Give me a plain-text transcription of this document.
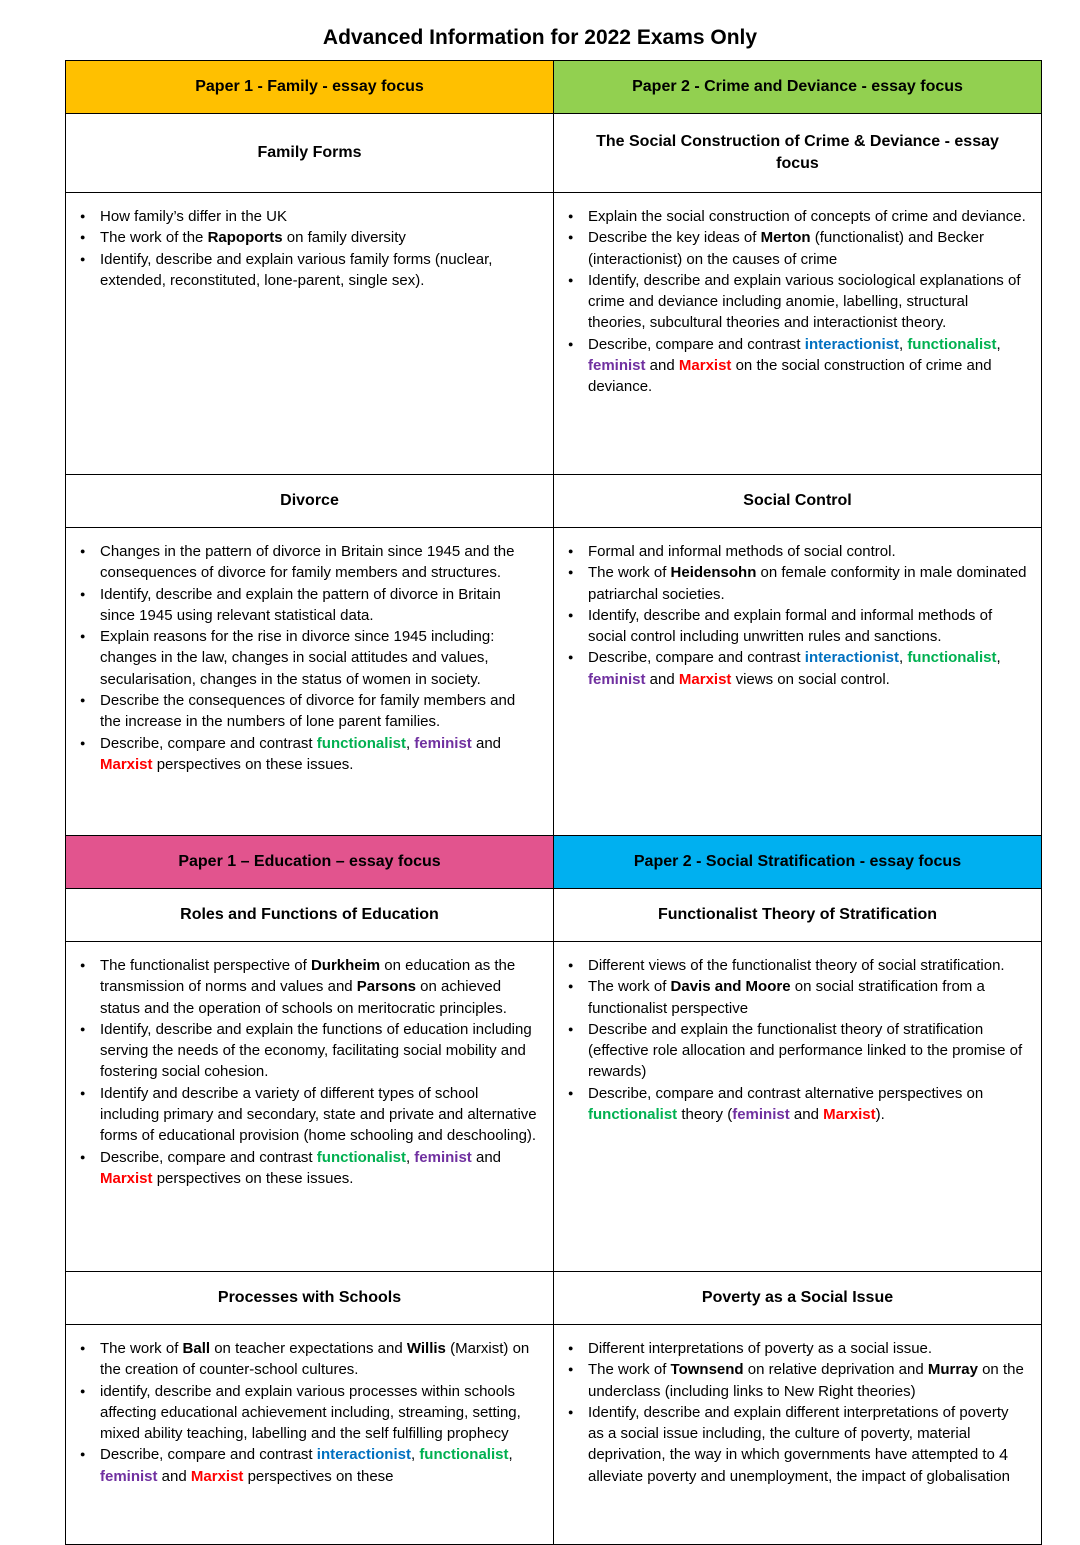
Advanced Information for 2022 Exams Only
Paper 1 - Family - essay focus	Paper 2 - Crime and Deviance - essay focus
Family Forms	The Social Construction of Crime & Deviance - essay focus

● How family’s differ in the UK
● The work of the Rapoports on family diversity
● Identify, describe and explain various family forms (nuclear, extended, reconstituted, lone-parent, single sex).

● Explain the social construction of concepts of crime and deviance.
● Describe the key ideas of Merton (functionalist) and Becker (interactionist) on the causes of crime
● Identify, describe and explain various sociological explanations of crime and deviance including anomie, labelling, structural theories, subcultural theories and interactionist theory.
● Describe, compare and contrast interactionist, functionalist, feminist and Marxist on the social construction of crime and deviance.

Divorce	Social Control

● Changes in the pattern of divorce in Britain since 1945 and the consequences of divorce for family members and structures.
● Identify, describe and explain the pattern of divorce in Britain since 1945 using relevant statistical data.
● Explain reasons for the rise in divorce since 1945 including: changes in the law, changes in social attitudes and values, secularisation, changes in the status of women in society.
● Describe the consequences of divorce for family members and the increase in the numbers of lone parent families.
● Describe, compare and contrast functionalist, feminist and Marxist perspectives on these issues.

● Formal and informal methods of social control.
● The work of Heidensohn on female conformity in male dominated patriarchal societies.
● Identify, describe and explain formal and informal methods of social control including unwritten rules and sanctions.
● Describe, compare and contrast interactionist, functionalist, feminist and Marxist views on social control.

Paper 1 – Education – essay focus	Paper 2 - Social Stratification - essay focus
Roles and Functions of Education	Functionalist Theory of Stratification

● The functionalist perspective of Durkheim on education as the transmission of norms and values and Parsons on achieved status and the operation of schools on meritocratic principles.
● Identify, describe and explain the functions of education including serving the needs of the economy, facilitating social mobility and fostering social cohesion.
● Identify and describe a variety of different types of school including primary and secondary, state and private and alternative forms of educational provision (home schooling and deschooling).
● Describe, compare and contrast functionalist, feminist and Marxist perspectives on these issues.

● Different views of the functionalist theory of social stratification.
● The work of Davis and Moore on social stratification from a functionalist perspective
● Describe and explain the functionalist theory of stratification (effective role allocation and performance linked to the promise of rewards)
● Describe, compare and contrast alternative perspectives on functionalist theory (feminist and Marxist).

Processes with Schools	Poverty as a Social Issue

● The work of Ball on teacher expectations and Willis (Marxist) on the creation of counter-school cultures.
● identify, describe and explain various processes within schools affecting educational achievement including, streaming, setting, mixed ability teaching, labelling and the self fulfilling prophecy
● Describe, compare and contrast interactionist, functionalist, feminist and Marxist perspectives on these

● Different interpretations of poverty as a social issue.
● The work of Townsend on relative deprivation and Murray on the underclass (including links to New Right theories)
● Identify, describe and explain different interpretations of poverty as a social issue including, the culture of poverty, material deprivation, the way in which governments have attempted to alleviate poverty and unemployment, the impact of globalisation
4
